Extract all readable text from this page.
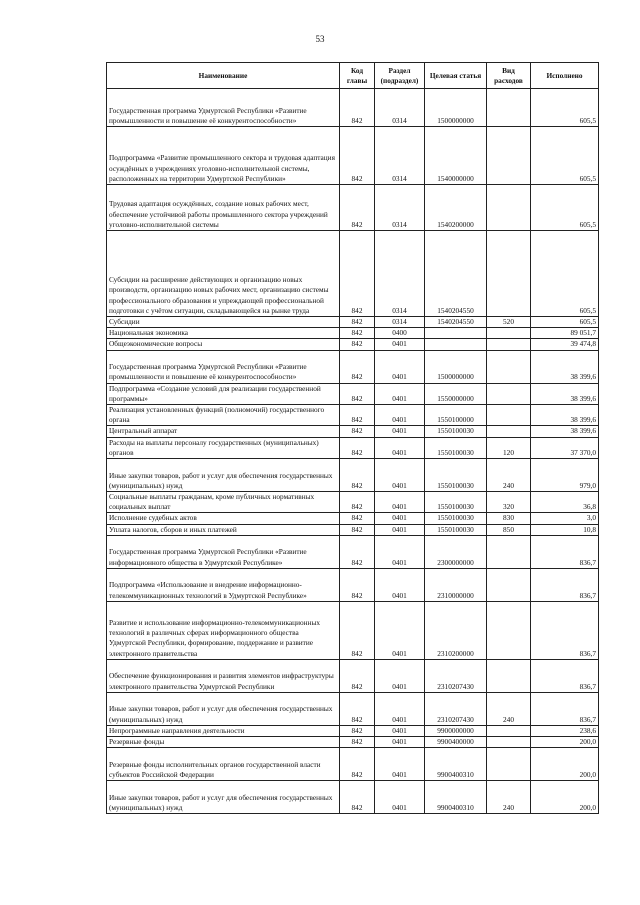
53
Наименование	Код главы	Раздел (подраздел)	Целевая статья	Вид расходов	Исполнено
Государственная программа Удмуртской Республики «Развитие промышленности и повышение её конкурентоспособности»	842	0314	1500000000		605,5
Подпрограмма «Развитие промышленного сектора и трудовая адаптация осуждённых в учреждениях уголовно-исполнительной системы, расположенных на территории Удмуртской Республики»	842	0314	1540000000		605,5
Трудовая адаптация осуждённых, создание новых рабочих мест, обеспечение устойчивой работы промышленного сектора учреждений уголовно-исполнительной системы	842	0314	1540200000		605,5
Субсидии на расширение действующих и организацию новых производств, организацию новых рабочих мест, организацию системы профессионального образования и упреждающей профессиональной подготовки с учётом ситуации, складывающейся на рынке труда	842	0314	1540204550		605,5
Субсидии	842	0314	1540204550	520	605,5
Национальная экономика	842	0400			89 051,7
Общеэкономические вопросы	842	0401			39 474,8
Государственная программа Удмуртской Республики «Развитие промышленности и повышение её конкурентоспособности»	842	0401	1500000000		38 399,6
Подпрограмма «Создание условий для реализации государственной программы»	842	0401	1550000000		38 399,6
Реализация установленных функций (полномочий) государственного органа	842	0401	1550100000		38 399,6
Центральный аппарат	842	0401	1550100030		38 399,6
Расходы на выплаты персоналу государственных (муниципальных) органов	842	0401	1550100030	120	37 370,0
Иные закупки товаров, работ и услуг для обеспечения государственных (муниципальных) нужд	842	0401	1550100030	240	979,0
Социальные выплаты гражданам, кроме публичных нормативных социальных выплат	842	0401	1550100030	320	36,8
Исполнение судебных актов	842	0401	1550100030	830	3,0
Уплата налогов, сборов и иных платежей	842	0401	1550100030	850	10,8
Государственная программа Удмуртской Республики «Развитие информационного общества в Удмуртской Республике»	842	0401	2300000000		836,7
Подпрограмма «Использование и внедрение информационно-телекоммуникационных технологий в Удмуртской Республике»	842	0401	2310000000		836,7
Развитие и использование информационно-телекоммуникационных технологий в различных сферах информационного общества Удмуртской Республики, формирование, поддержание и развитие электронного правительства	842	0401	2310200000		836,7
Обеспечение функционирования и развития элементов инфраструктуры электронного правительства Удмуртской Республики	842	0401	2310207430		836,7
Иные закупки товаров, работ и услуг для обеспечения государственных (муниципальных) нужд	842	0401	2310207430	240	836,7
Непрограммные направления деятельности	842	0401	9900000000		238,6
Резервные фонды	842	0401	9900400000		200,0
Резервные фонды исполнительных органов государственной власти субъектов Российской Федерации	842	0401	9900400310		200,0
Иные закупки товаров, работ и услуг для обеспечения государственных (муниципальных) нужд	842	0401	9900400310	240	200,0
